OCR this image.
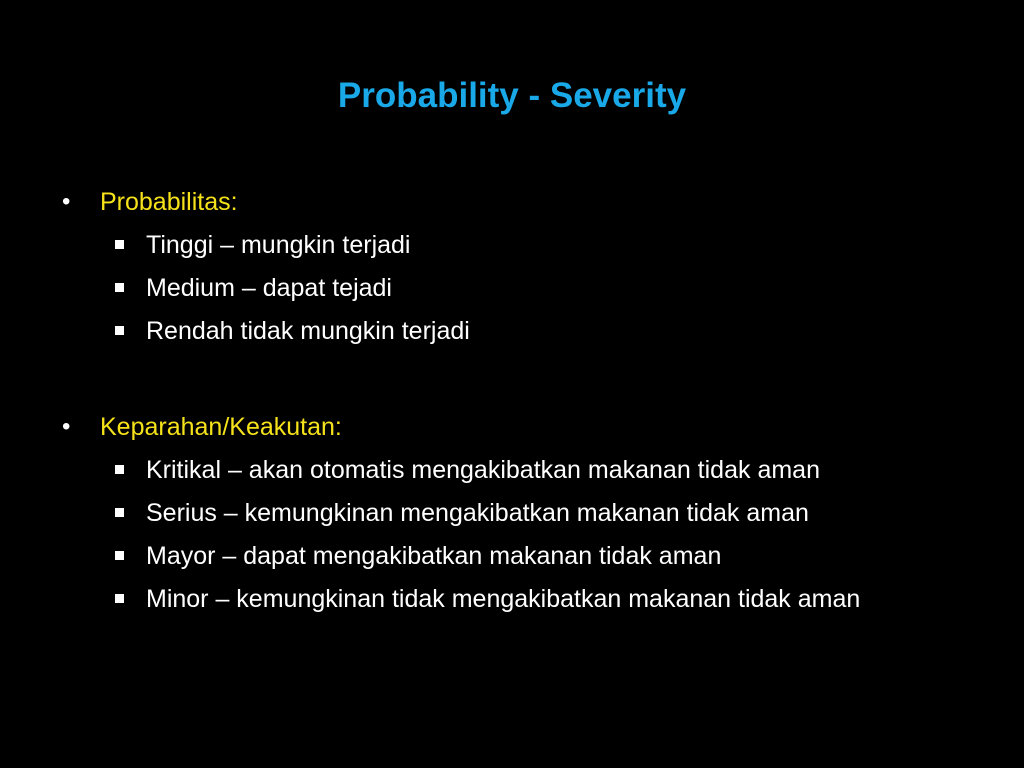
Probability - Severity
• Probabilitas:
Tinggi – mungkin terjadi
Medium – dapat tejadi
Rendah tidak mungkin terjadi
• Keparahan/Keakutan:
Kritikal – akan otomatis mengakibatkan makanan tidak aman
Serius – kemungkinan mengakibatkan makanan tidak aman
Mayor – dapat mengakibatkan makanan tidak aman
Minor – kemungkinan tidak mengakibatkan makanan tidak aman
